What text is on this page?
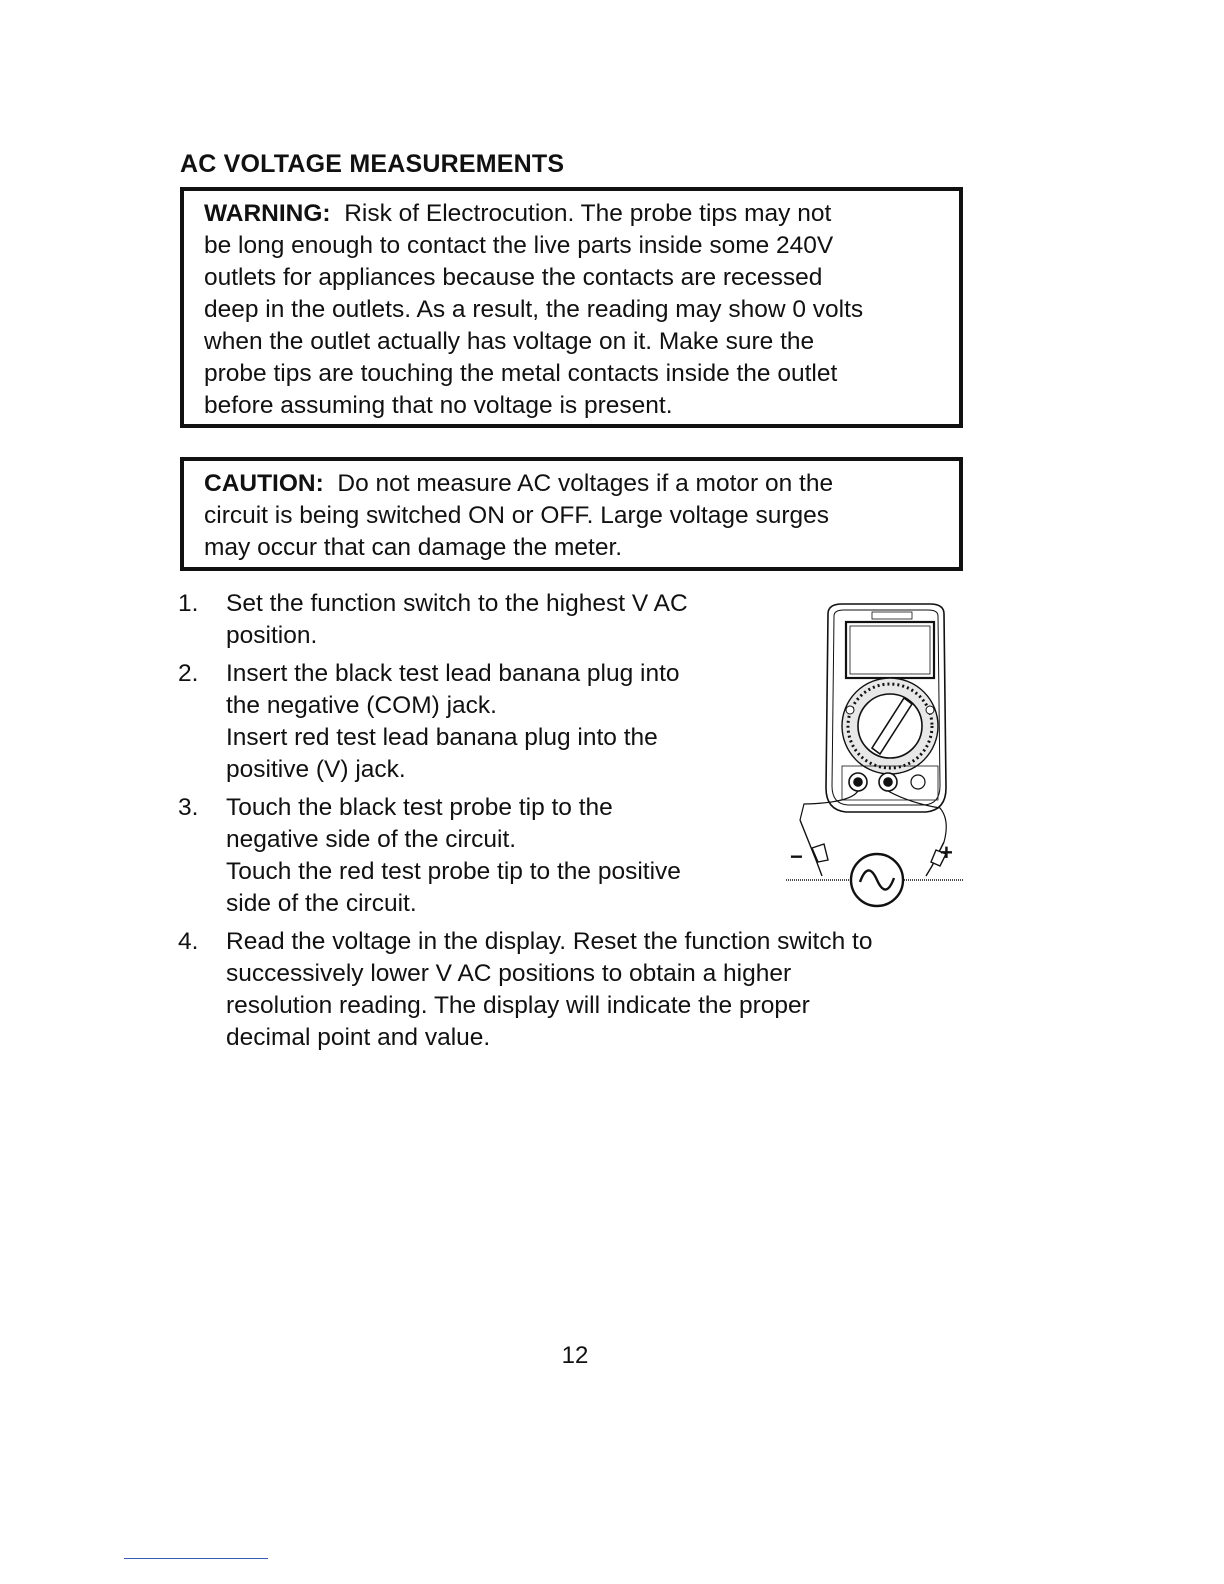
AC VOLTAGE MEASUREMENTS
WARNING: Risk of Electrocution. The probe tips may not
be long enough to contact the live parts inside some 240V
outlets for appliances because the contacts are recessed
deep in the outlets. As a result, the reading may show 0 volts
when the outlet actually has voltage on it. Make sure the
probe tips are touching the metal contacts inside the outlet
before assuming that no voltage is present.
CAUTION: Do not measure AC voltages if a motor on the
circuit is being switched ON or OFF. Large voltage surges
may occur that can damage the meter.
1. Set the function switch to the highest V AC
position.
2. Insert the black test lead banana plug into
the negative (COM) jack.
Insert red test lead banana plug into the
positive (V) jack.
3. Touch the black test probe tip to the
negative side of the circuit.
Touch the red test probe tip to the positive
side of the circuit.
4. Read the voltage in the display. Reset the function switch to
successively lower V AC positions to obtain a higher
resolution reading. The display will indicate the proper
decimal point and value.
−	+
12
